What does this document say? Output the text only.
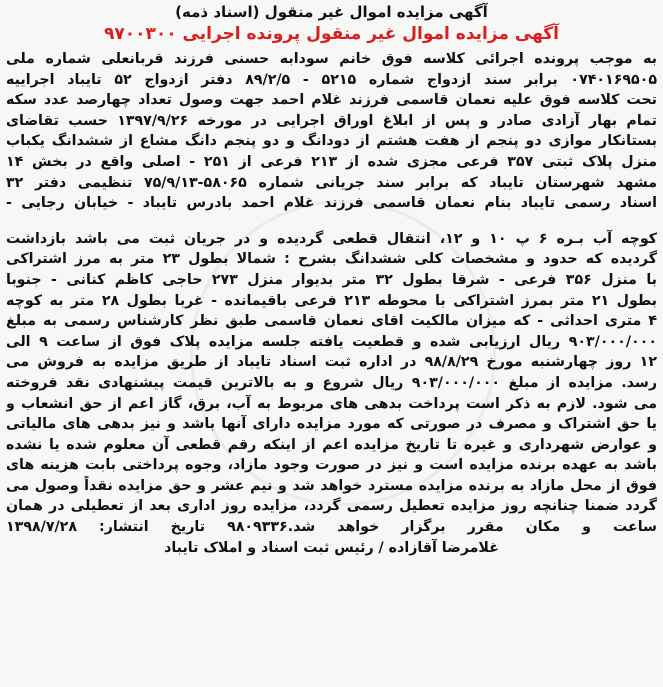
آگهی مزایده اموال غیر منقول (اسناد ذمه)
آگهی مزایده اموال غیر منقول پرونده اجرایی ۹۷۰۰۳۰۰
به موجب پرونده اجرائی کلاسه فوق خانم سودابه حسنی فرزند قربانعلی شماره ملی
۰۷۴۰۱۶۹۵۰۵ برابر سند ازدواج شماره ۵۲۱۵ - ۸۹/۲/۵ دفتر ازدواج ۵۲ تایباد اجراییه
تحت کلاسه فوق علیه نعمان قاسمی فرزند غلام احمد جهت وصول تعداد چهارصد عدد سکه
تمام بهار آزادی صادر و پس از ابلاغ اوراق اجرایی در مورخه ۱۳۹۷/۹/۲۶ حسب تقاضای
بستانکار موازی دو پنجم از هفت هشتم از دودانگ و دو پنجم دانگ مشاع از ششدانگ یکباب
منزل پلاک ثبتی ۳۵۷ فرعی مجزی شده از ۲۱۳ فرعی از ۲۵۱ - اصلی واقع در بخش ۱۴
مشهد شهرستان تایباد که برابر سند جریانی شماره ۵۸۰۶۵-۷۵/۹/۱۳ تنظیمی دفتر ۳۲
اسناد رسمی تایباد بنام نعمان قاسمی فرزند غلام احمد بادرس تایباد - خیابان رجایی -
کوچه آب بـره ۶ پ ۱۰ و ۱۲، انتقال قطعی گردیده و در جریان ثبت می باشد بازداشت
گردیده که حدود و مشخصات کلی ششدانگ بشرح : شمالا بطول ۲۳ متر به مرز اشتراکی
با منزل ۳۵۶ فرعی - شرقا بطول ۳۲ متر بدیوار منزل ۲۷۳ حاجی کاظم کنانی - جنوبا
بطول ۲۱ متر بمرز اشتراکی با محوطه ۲۱۳ فرعی باقیمانده - غربا بطول ۲۸ متر به کوچه
۴ متری احداثی - که میزان مالکیت اقای نعمان قاسمی طبق نظر کارشناس رسمی به مبلغ
۹۰۳/۰۰۰/۰۰۰ ریال ارزیابی شده و قطعیت یافته جلسه مزایده پلاک فوق از ساعت ۹ الی
۱۲ روز چهارشنبه مورخ ۹۸/۸/۲۹ در اداره ثبت اسناد تایباد از طریق مزایده به فروش می
رسد. مزایده از مبلغ ۹۰۳/۰۰۰/۰۰۰ ریال شروع و به بالاترین قیمت پیشنهادی نقد فروخته
می شود. لازم به ذکر است پرداخت بدهی های مربوط به آب، برق، گاز اعم از حق انشعاب و
یا حق اشتراک و مصرف در صورتی که مورد مزایده دارای آنها باشد و نیز بدهی های مالیاتی
و عوارض شهرداری و غیره تا تاریخ مزایده اعم از اینکه رقم قطعی آن معلوم شده یا نشده
باشد به عهده برنده مزایده است و نیز در صورت وجود مازاد، وجوه پرداختی بابت هزینه های
فوق از محل مازاد به برنده مزایده مسترد خواهد شد و نیم عشر و حق مزایده نقداً وصول می
گردد ضمنا چنانچه روز مزایده تعطیل رسمی گردد، مزایده روز اداری بعد از تعطیلی در همان
ساعت و مکان مقرر برگزار خواهد شد.۹۸۰۹۳۳۶ تاریخ انتشار: ۱۳۹۸/۷/۲۸
غلامرضا آقازاده / رئیس ثبت اسناد و املاک تایباد
